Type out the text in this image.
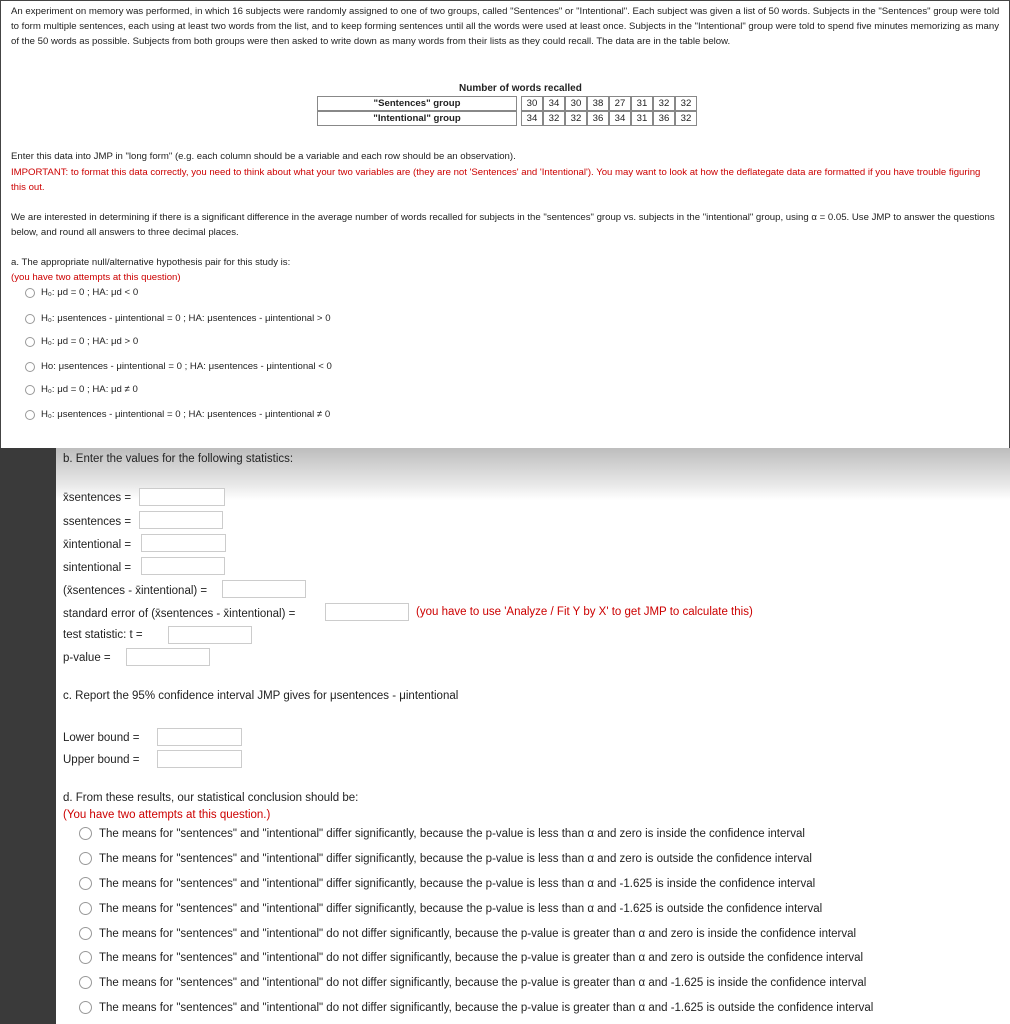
An experiment on memory was performed, in which 16 subjects were randomly assigned to one of two groups, called "Sentences" or "Intentional". Each subject was given a list of 50 words. Subjects in the "Sentences" group were told to form multiple sentences, each using at least two words from the list, and to keep forming sentences until all the words were used at least once. Subjects in the "Intentional" group were told to spend five minutes memorizing as many of the 50 words as possible. Subjects from both groups were then asked to write down as many words from their lists as they could recall. The data are in the table below.
Number of words recalled
"Sentences" group		30	34	30	38	27	31	32	32
"Intentional" group		34	32	32	36	34	31	36	32
Enter this data into JMP in "long form" (e.g. each column should be a variable and each row should be an observation).
IMPORTANT: to format this data correctly, you need to think about what your two variables are (they are not 'Sentences' and 'Intentional'). You may want to look at how the deflategate data are formatted if you have trouble figuring this out.
We are interested in determining if there is a significant difference in the average number of words recalled for subjects in the "sentences" group vs. subjects in the "intentional" group, using α = 0.05. Use JMP to answer the questions below, and round all answers to three decimal places.
a. The appropriate null/alternative hypothesis pair for this study is:
(you have two attempts at this question)
H₀: μd = 0 ; HA: μd < 0
H₀: μsentences - μintentional = 0 ; HA: μsentences - μintentional > 0
H₀: μd = 0 ; HA: μd > 0
Ho: μsentences - μintentional = 0 ; HA: μsentences - μintentional < 0
H₀: μd = 0 ; HA: μd ≠ 0
H₀: μsentences - μintentional = 0 ; HA: μsentences - μintentional ≠ 0
b. Enter the values for the following statistics:
x̄sentences =
ssentences =
x̄intentional =
sintentional =
(x̄sentences - x̄intentional) =
standard error of (x̄sentences - x̄intentional) =	(you have to use 'Analyze / Fit Y by X' to get JMP to calculate this)
test statistic: t =
p-value =
c. Report the 95% confidence interval JMP gives for μsentences - μintentional
Lower bound =
Upper bound =
d. From these results, our statistical conclusion should be:
(You have two attempts at this question.)
The means for "sentences" and "intentional" differ significantly, because the p-value is less than α and zero is inside the confidence interval
The means for "sentences" and "intentional" differ significantly, because the p-value is less than α and zero is outside the confidence interval
The means for "sentences" and "intentional" differ significantly, because the p-value is less than α and -1.625 is inside the confidence interval
The means for "sentences" and "intentional" differ significantly, because the p-value is less than α and -1.625 is outside the confidence interval
The means for "sentences" and "intentional" do not differ significantly, because the p-value is greater than α and zero is inside the confidence interval
The means for "sentences" and "intentional" do not differ significantly, because the p-value is greater than α and zero is outside the confidence interval
The means for "sentences" and "intentional" do not differ significantly, because the p-value is greater than α and -1.625 is inside the confidence interval
The means for "sentences" and "intentional" do not differ significantly, because the p-value is greater than α and -1.625 is outside the confidence interval
